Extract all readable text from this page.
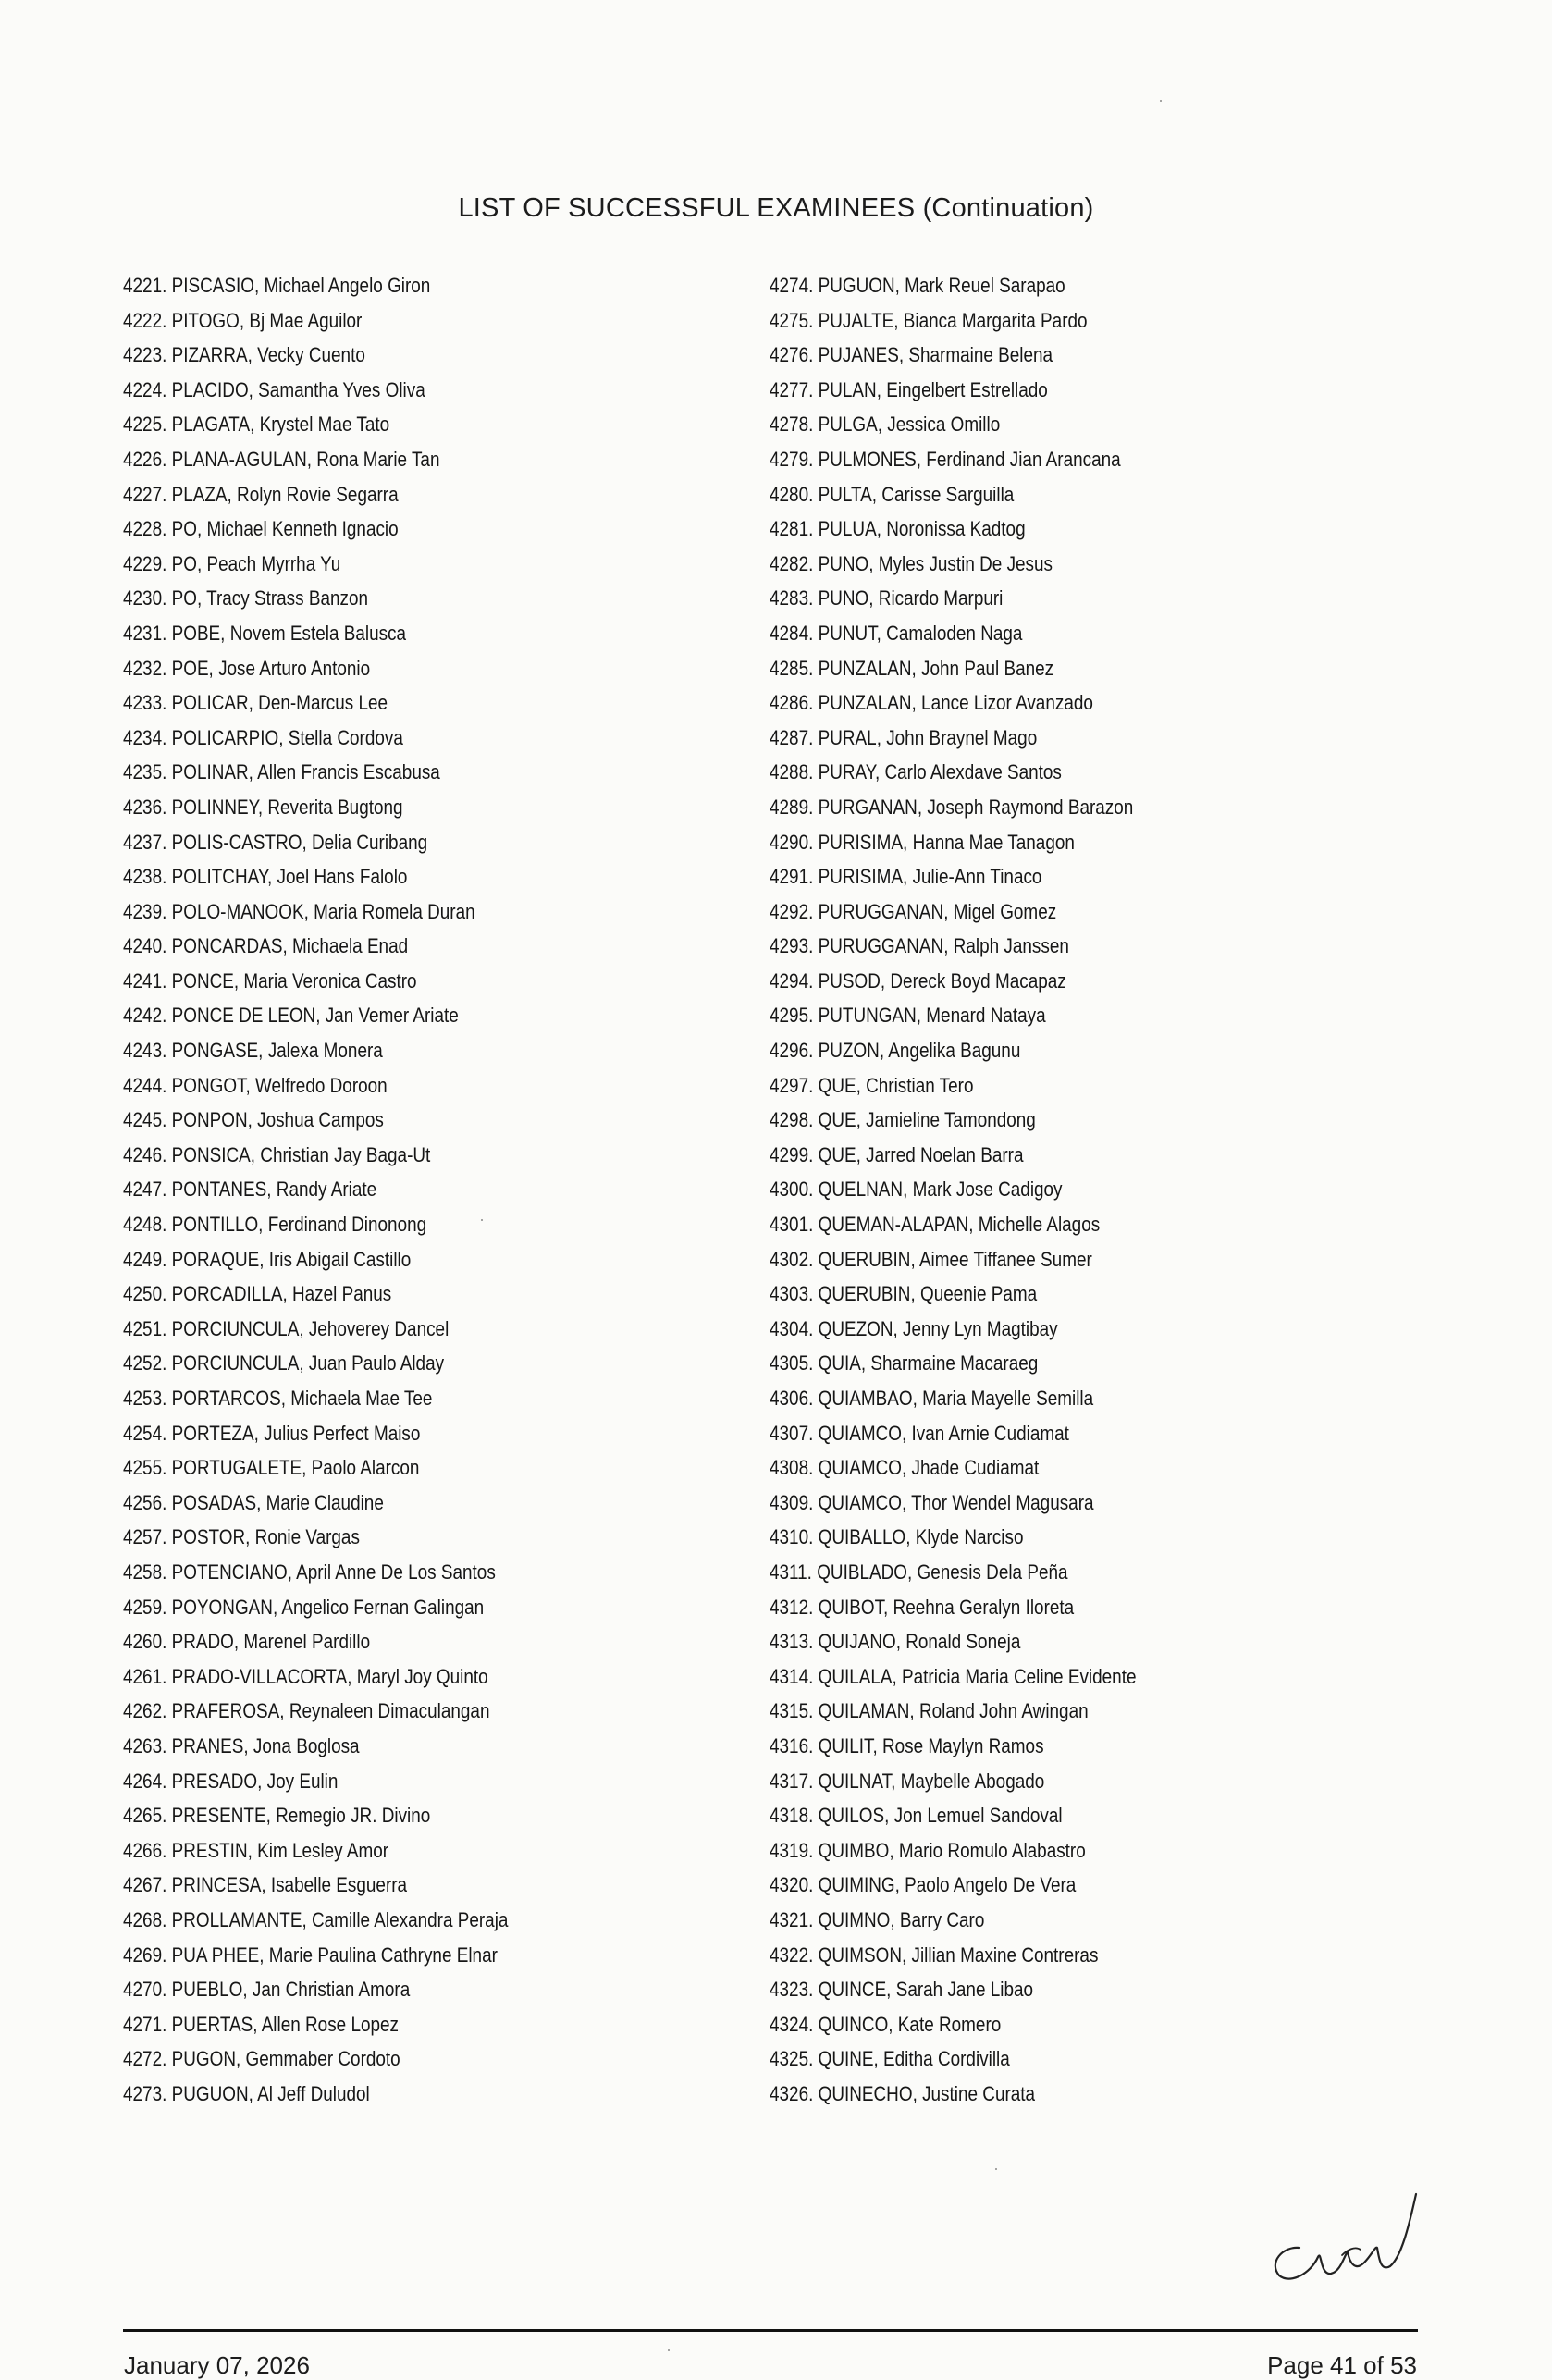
LIST OF SUCCESSFUL EXAMINEES (Continuation)
4221. PISCASIO, Michael Angelo Giron
4222. PITOGO, Bj Mae Aguilor
4223. PIZARRA, Vecky Cuento
4224. PLACIDO, Samantha Yves Oliva
4225. PLAGATA, Krystel Mae Tato
4226. PLANA-AGULAN, Rona Marie Tan
4227. PLAZA, Rolyn Rovie Segarra
4228. PO, Michael Kenneth Ignacio
4229. PO, Peach Myrrha Yu
4230. PO, Tracy Strass Banzon
4231. POBE, Novem Estela Balusca
4232. POE, Jose Arturo Antonio
4233. POLICAR, Den-Marcus Lee
4234. POLICARPIO, Stella Cordova
4235. POLINAR, Allen Francis Escabusa
4236. POLINNEY, Reverita Bugtong
4237. POLIS-CASTRO, Delia Curibang
4238. POLITCHAY, Joel Hans Falolo
4239. POLO-MANOOK, Maria Romela Duran
4240. PONCARDAS, Michaela Enad
4241. PONCE, Maria Veronica Castro
4242. PONCE DE LEON, Jan Vemer Ariate
4243. PONGASE, Jalexa Monera
4244. PONGOT, Welfredo Doroon
4245. PONPON, Joshua Campos
4246. PONSICA, Christian Jay Baga-Ut
4247. PONTANES, Randy Ariate
4248. PONTILLO, Ferdinand Dinonong
4249. PORAQUE, Iris Abigail Castillo
4250. PORCADILLA, Hazel Panus
4251. PORCIUNCULA, Jehoverey Dancel
4252. PORCIUNCULA, Juan Paulo Alday
4253. PORTARCOS, Michaela Mae Tee
4254. PORTEZA, Julius Perfect Maiso
4255. PORTUGALETE, Paolo Alarcon
4256. POSADAS, Marie Claudine
4257. POSTOR, Ronie Vargas
4258. POTENCIANO, April Anne De Los Santos
4259. POYONGAN, Angelico Fernan Galingan
4260. PRADO, Marenel Pardillo
4261. PRADO-VILLACORTA, Maryl Joy Quinto
4262. PRAFEROSA, Reynaleen Dimaculangan
4263. PRANES, Jona Boglosa
4264. PRESADO, Joy Eulin
4265. PRESENTE, Remegio JR. Divino
4266. PRESTIN, Kim Lesley Amor
4267. PRINCESA, Isabelle Esguerra
4268. PROLLAMANTE, Camille Alexandra Peraja
4269. PUA PHEE, Marie Paulina Cathryne Elnar
4270. PUEBLO, Jan Christian Amora
4271. PUERTAS, Allen Rose Lopez
4272. PUGON, Gemmaber Cordoto
4273. PUGUON, Al Jeff Duludol
4274. PUGUON, Mark Reuel Sarapao
4275. PUJALTE, Bianca Margarita Pardo
4276. PUJANES, Sharmaine Belena
4277. PULAN, Eingelbert Estrellado
4278. PULGA, Jessica Omillo
4279. PULMONES, Ferdinand Jian Arancana
4280. PULTA, Carisse Sarguilla
4281. PULUA, Noronissa Kadtog
4282. PUNO, Myles Justin De Jesus
4283. PUNO, Ricardo Marpuri
4284. PUNUT, Camaloden Naga
4285. PUNZALAN, John Paul Banez
4286. PUNZALAN, Lance Lizor Avanzado
4287. PURAL, John Braynel Mago
4288. PURAY, Carlo Alexdave Santos
4289. PURGANAN, Joseph Raymond Barazon
4290. PURISIMA, Hanna Mae Tanagon
4291. PURISIMA, Julie-Ann Tinaco
4292. PURUGGANAN, Migel Gomez
4293. PURUGGANAN, Ralph Janssen
4294. PUSOD, Dereck Boyd Macapaz
4295. PUTUNGAN, Menard Nataya
4296. PUZON, Angelika Bagunu
4297. QUE, Christian Tero
4298. QUE, Jamieline Tamondong
4299. QUE, Jarred Noelan Barra
4300. QUELNAN, Mark Jose Cadigoy
4301. QUEMAN-ALAPAN, Michelle Alagos
4302. QUERUBIN, Aimee Tiffanee Sumer
4303. QUERUBIN, Queenie Pama
4304. QUEZON, Jenny Lyn Magtibay
4305. QUIA, Sharmaine Macaraeg
4306. QUIAMBAO, Maria Mayelle Semilla
4307. QUIAMCO, Ivan Arnie Cudiamat
4308. QUIAMCO, Jhade Cudiamat
4309. QUIAMCO, Thor Wendel Magusara
4310. QUIBALLO, Klyde Narciso
4311. QUIBLADO, Genesis Dela Peña
4312. QUIBOT, Reehna Geralyn Iloreta
4313. QUIJANO, Ronald Soneja
4314. QUILALA, Patricia Maria Celine Evidente
4315. QUILAMAN, Roland John Awingan
4316. QUILIT, Rose Maylyn Ramos
4317. QUILNAT, Maybelle Abogado
4318. QUILOS, Jon Lemuel Sandoval
4319. QUIMBO, Mario Romulo Alabastro
4320. QUIMING, Paolo Angelo De Vera
4321. QUIMNO, Barry Caro
4322. QUIMSON, Jillian Maxine Contreras
4323. QUINCE, Sarah Jane Libao
4324. QUINCO, Kate Romero
4325. QUINE, Editha Cordivilla
4326. QUINECHO, Justine Curata
January 07, 2026	Page 41 of 53
